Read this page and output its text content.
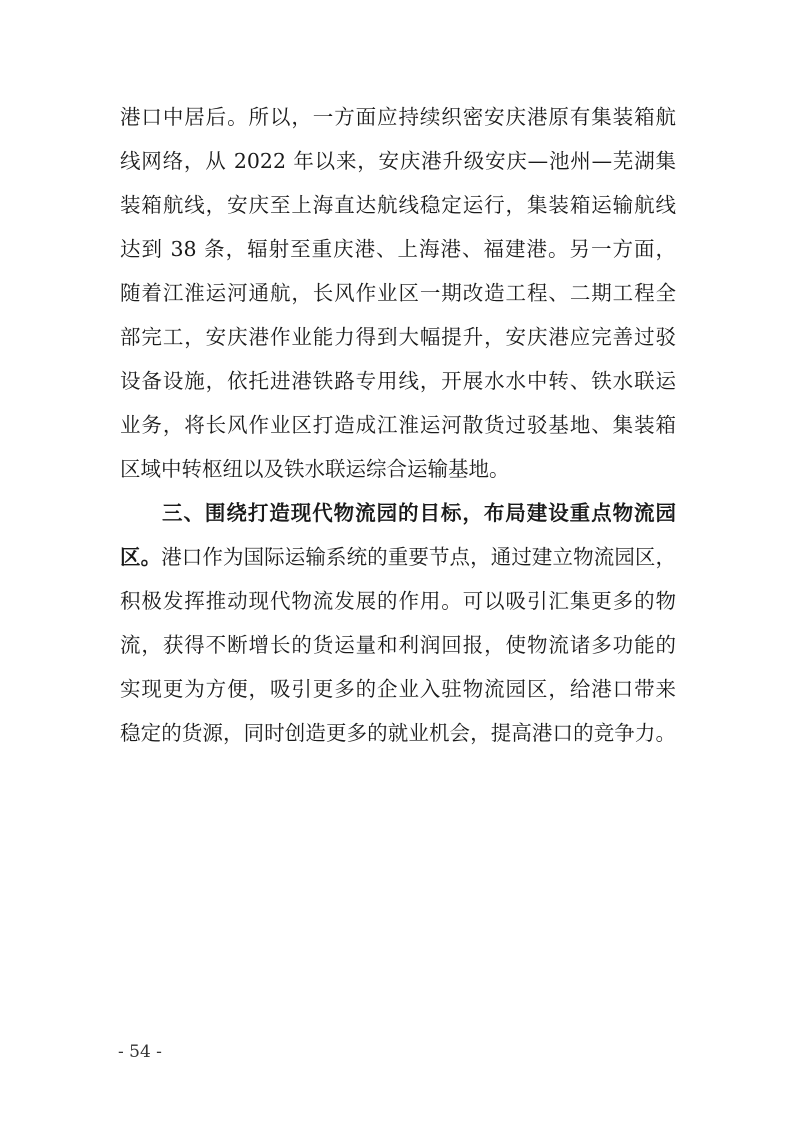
港口中居后。所以，一方面应持续织密安庆港原有集装箱航
线网络，从 2022 年以来，安庆港升级安庆—池州—芜湖集
装箱航线，安庆至上海直达航线稳定运行，集装箱运输航线
达到 38 条，辐射至重庆港、上海港、福建港。另一方面，
随着江淮运河通航，长风作业区一期改造工程、二期工程全
部完工，安庆港作业能力得到大幅提升，安庆港应完善过驳
设备设施，依托进港铁路专用线，开展水水中转、铁水联运
业务，将长风作业区打造成江淮运河散货过驳基地、集装箱
区域中转枢纽以及铁水联运综合运输基地。
三、围绕打造现代物流园的目标，布局建设重点物流园
区。港口作为国际运输系统的重要节点，通过建立物流园区，
积极发挥推动现代物流发展的作用。可以吸引汇集更多的物
流，获得不断增长的货运量和利润回报，使物流诸多功能的
实现更为方便，吸引更多的企业入驻物流园区，给港口带来
稳定的货源，同时创造更多的就业机会，提高港口的竞争力。
- 54 -
